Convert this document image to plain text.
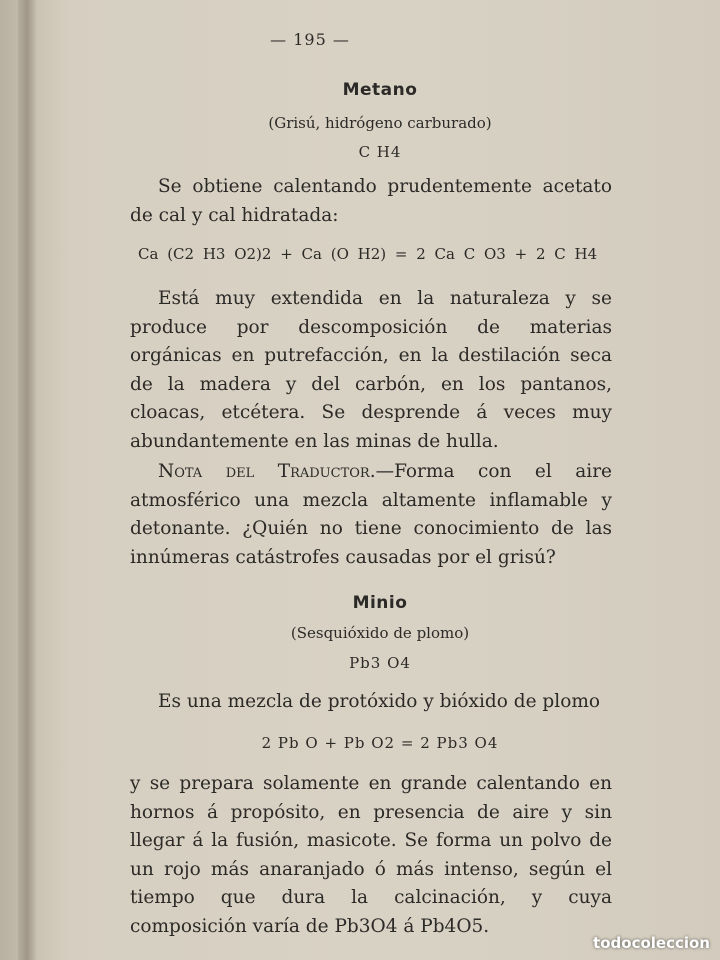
— 195 —
Metano
(Grisú, hidrógeno carburado)
C H4
Se obtiene calentando prudentemente acetato de cal y cal hidratada:
Ca (C2 H3 O2)2 + Ca (O H2) = 2 Ca C O3 + 2 C H4
Está muy extendida en la naturaleza y se produce por descomposición de materias orgánicas en putrefacción, en la destilación seca de la madera y del carbón, en los pantanos, cloacas, etcétera. Se desprende á veces muy abundantemente en las minas de hulla.
Nota del Traductor.—Forma con el aire atmosférico una mezcla altamente inflamable y detonante. ¿Quién no tiene conocimiento de las innúmeras catástrofes causadas por el grisú?
Minio
(Sesquióxido de plomo)
Pb3 O4
Es una mezcla de protóxido y bióxido de plomo
2 Pb O + Pb O2 = 2 Pb3 O4
y se prepara solamente en grande calentando en hornos á propósito, en presencia de aire y sin llegar á la fusión, masicote. Se forma un polvo de un rojo más anaranjado ó más intenso, según el tiempo que dura la calcinación, y cuya composición varía de Pb3O4 á Pb4O5.
todocoleccion
